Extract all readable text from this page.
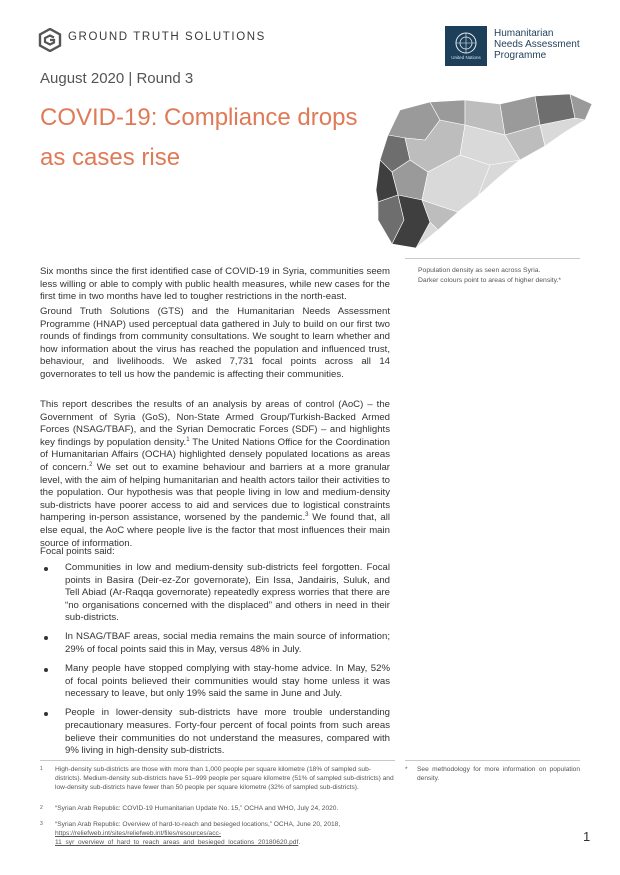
GROUND TRUTH SOLUTIONS
United Nations
Humanitarian
Needs Assessment
Programme
August 2020 | Round 3
COVID-19: Compliance drops
as cases rise
Population density as seen across Syria.
Darker colours point to areas of higher density.*

Six months since the first identified case of COVID-19 in Syria, communities seem less willing or able to comply with public health measures, while new cases for the first time in two months have led to tougher restrictions in the north-east.

Ground Truth Solutions (GTS) and the Humanitarian Needs Assessment Programme (HNAP) used perceptual data gathered in July to build on our first two rounds of findings from community consultations. We sought to learn whether and how information about the virus has reached the population and influenced trust, behaviour, and livelihoods. We asked 7,731 focal points across all 14 governorates to tell us how the pandemic is affecting their communities.

This report describes the results of an analysis by areas of control (AoC) – the Government of Syria (GoS), Non-State Armed Group/Turkish-Backed Armed Forces (NSAG/TBAF), and the Syrian Democratic Forces (SDF) – and highlights key findings by population density.$^1$ The United Nations Office for the Coordination of Humanitarian Affairs (OCHA) highlighted densely populated locations as areas of concern.$^2$ We set out to examine behaviour and barriers at a more granular level, with the aim of helping humanitarian and health actors tailor their activities to the population. Our hypothesis was that people living in low and medium-density sub-districts have poorer access to aid and services due to logistical constraints hampering in-person assistance, worsened by the pandemic.$^3$ We found that, all else equal, the AoC where people live is the factor that most influences their main source of information.

Focal points said:

Communities in low and medium-density sub-districts feel forgotten. Focal points in Basira (Deir-ez-Zor governorate), Ein Issa, Jandairis, Suluk, and Tell Abiad (Ar-Raqqa governorate) repeatedly express worries that there are “no organisations concerned with the displaced” and others in need in their sub-districts.
In NSAG/TBAF areas, social media remains the main source of information; 29% of focal points said this in May, versus 48% in July.
Many people have stopped complying with stay-home advice. In May, 52% of focal points believed their communities would stay home unless it was necessary to leave, but only 19% said the same in June and July.
People in lower-density sub-districts have more trouble understanding precautionary measures. Forty-four percent of focal points from such areas believe their communities do not understand the measures, compared with 9% living in high-density sub-districts.
1	High-density sub-districts are those with more than 1,000 people per square kilometre (18% of sampled sub-districts). Medium-density sub-districts have 51–999 people per square kilometre (51% of sampled sub-districts) and low-density sub-districts have fewer than 50 people per square kilometre (32% of sampled sub-districts).
2	“Syrian Arab Republic: COVID-19 Humanitarian Update No. 15,” OCHA and WHO, July 24, 2020.
3	“Syrian Arab Republic: Overview of hard-to-reach and besieged locations,” OCHA, June 20, 2018, https://reliefweb.int/sites/reliefweb.int/files/resources/acc-11_syr_overview_of_hard_to_reach_areas_and_besieged_locations_20180620.pdf.
*	See methodology for more information on population density.
1
